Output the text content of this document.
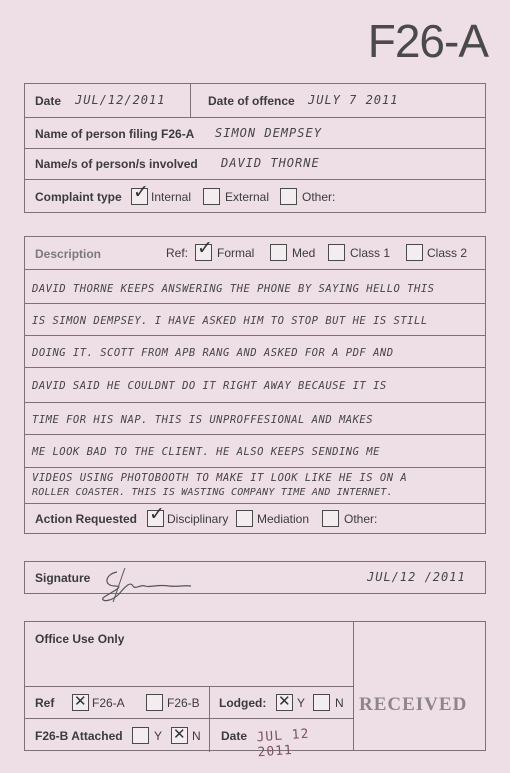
F26-A
Date JUL/12/2011	Date of offence JULY 7 2011
Name of person filing F26-A SIMON DEMPSEY
Name/s of person/s involved DAVID THORNE
Complaint type ✓ Internal	External	Other:
Description	Ref: ✓ Formal	Med	Class 1	Class 2
DAVID THORNE KEEPS ANSWERING THE PHONE BY SAYING HELLO THIS
IS SIMON DEMPSEY. I HAVE ASKED HIM TO STOP BUT HE IS STILL
DOING IT. SCOTT FROM APB RANG AND ASKED FOR A PDF AND
DAVID SAID HE COULDNT DO IT RIGHT AWAY BECAUSE IT IS
TIME FOR HIS NAP. THIS IS UNPROFFESIONAL AND MAKES
ME LOOK BAD TO THE CLIENT. HE ALSO KEEPS SENDING ME
VIDEOS USING PHOTOBOOTH TO MAKE IT LOOK LIKE HE IS ON A
ROLLER COASTER. THIS IS WASTING COMPANY TIME AND INTERNET.
Action Requested ✓ Disciplinary Mediation	Other:
Signature	JUL/12 /2011
Office Use Only
Ref ✕ F26-A	F26-B Lodged: ✕ Y N
F26-B Attached	Y ✕ N Date JUL 12 2011
RECEIVED
